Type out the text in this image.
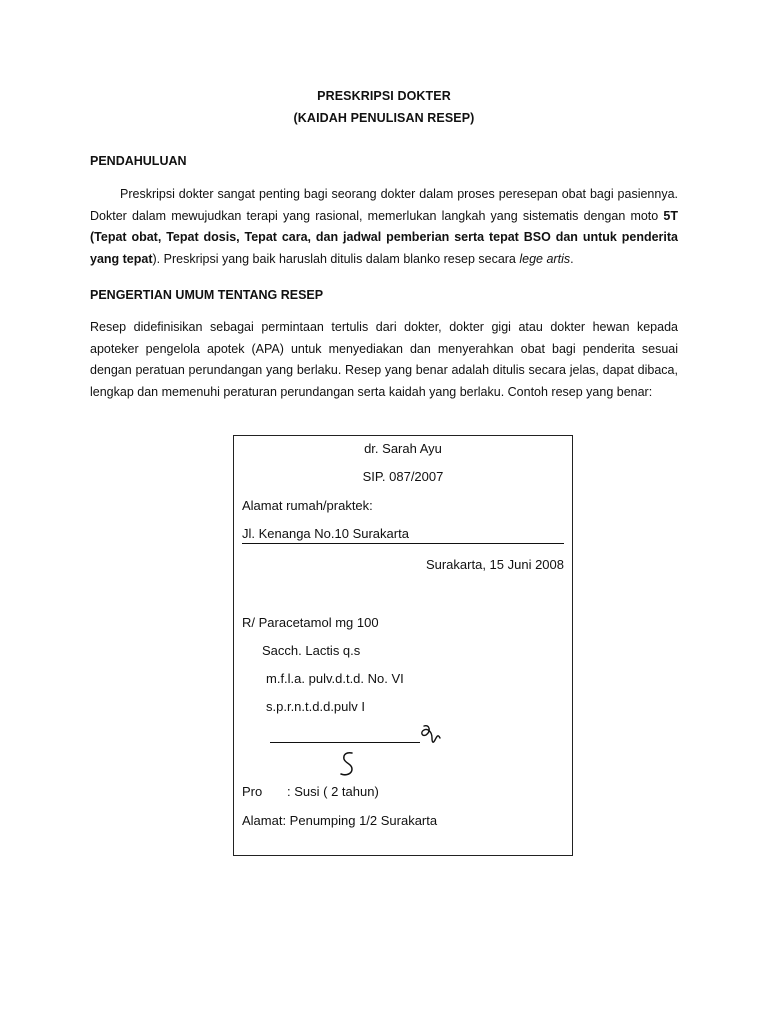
PRESKRIPSI DOKTER
(KAIDAH PENULISAN RESEP)
PENDAHULUAN

Preskripsi dokter sangat penting bagi seorang dokter dalam proses peresepan obat bagi pasiennya. Dokter dalam mewujudkan terapi yang rasional, memerlukan langkah yang sistematis dengan moto 5T (Tepat obat, Tepat dosis, Tepat cara, dan jadwal pemberian serta tepat BSO dan untuk penderita yang tepat). Preskripsi yang baik haruslah ditulis dalam blanko resep secara lege artis.

PENGERTIAN UMUM TENTANG RESEP

Resep didefinisikan sebagai permintaan tertulis dari dokter, dokter gigi atau dokter hewan kepada apoteker pengelola apotek (APA) untuk menyediakan dan menyerahkan obat bagi penderita sesuai dengan peratuan perundangan yang berlaku. Resep yang benar adalah ditulis secara jelas, dapat dibaca, lengkap dan memenuhi peraturan perundangan serta kaidah yang berlaku. Contoh resep yang benar:

dr. Sarah Ayu
SIP. 087/2007
Alamat rumah/praktek:
Jl. Kenanga No.10 Surakarta
Surakarta, 15 Juni 2008
R/ Paracetamol mg 100
Sacch. Lactis q.s
m.f.l.a. pulv.d.t.d. No. VI
s.p.r.n.t.d.d.pulv I
Pro : Susi ( 2 tahun)
Alamat: Penumping 1/2 Surakarta
